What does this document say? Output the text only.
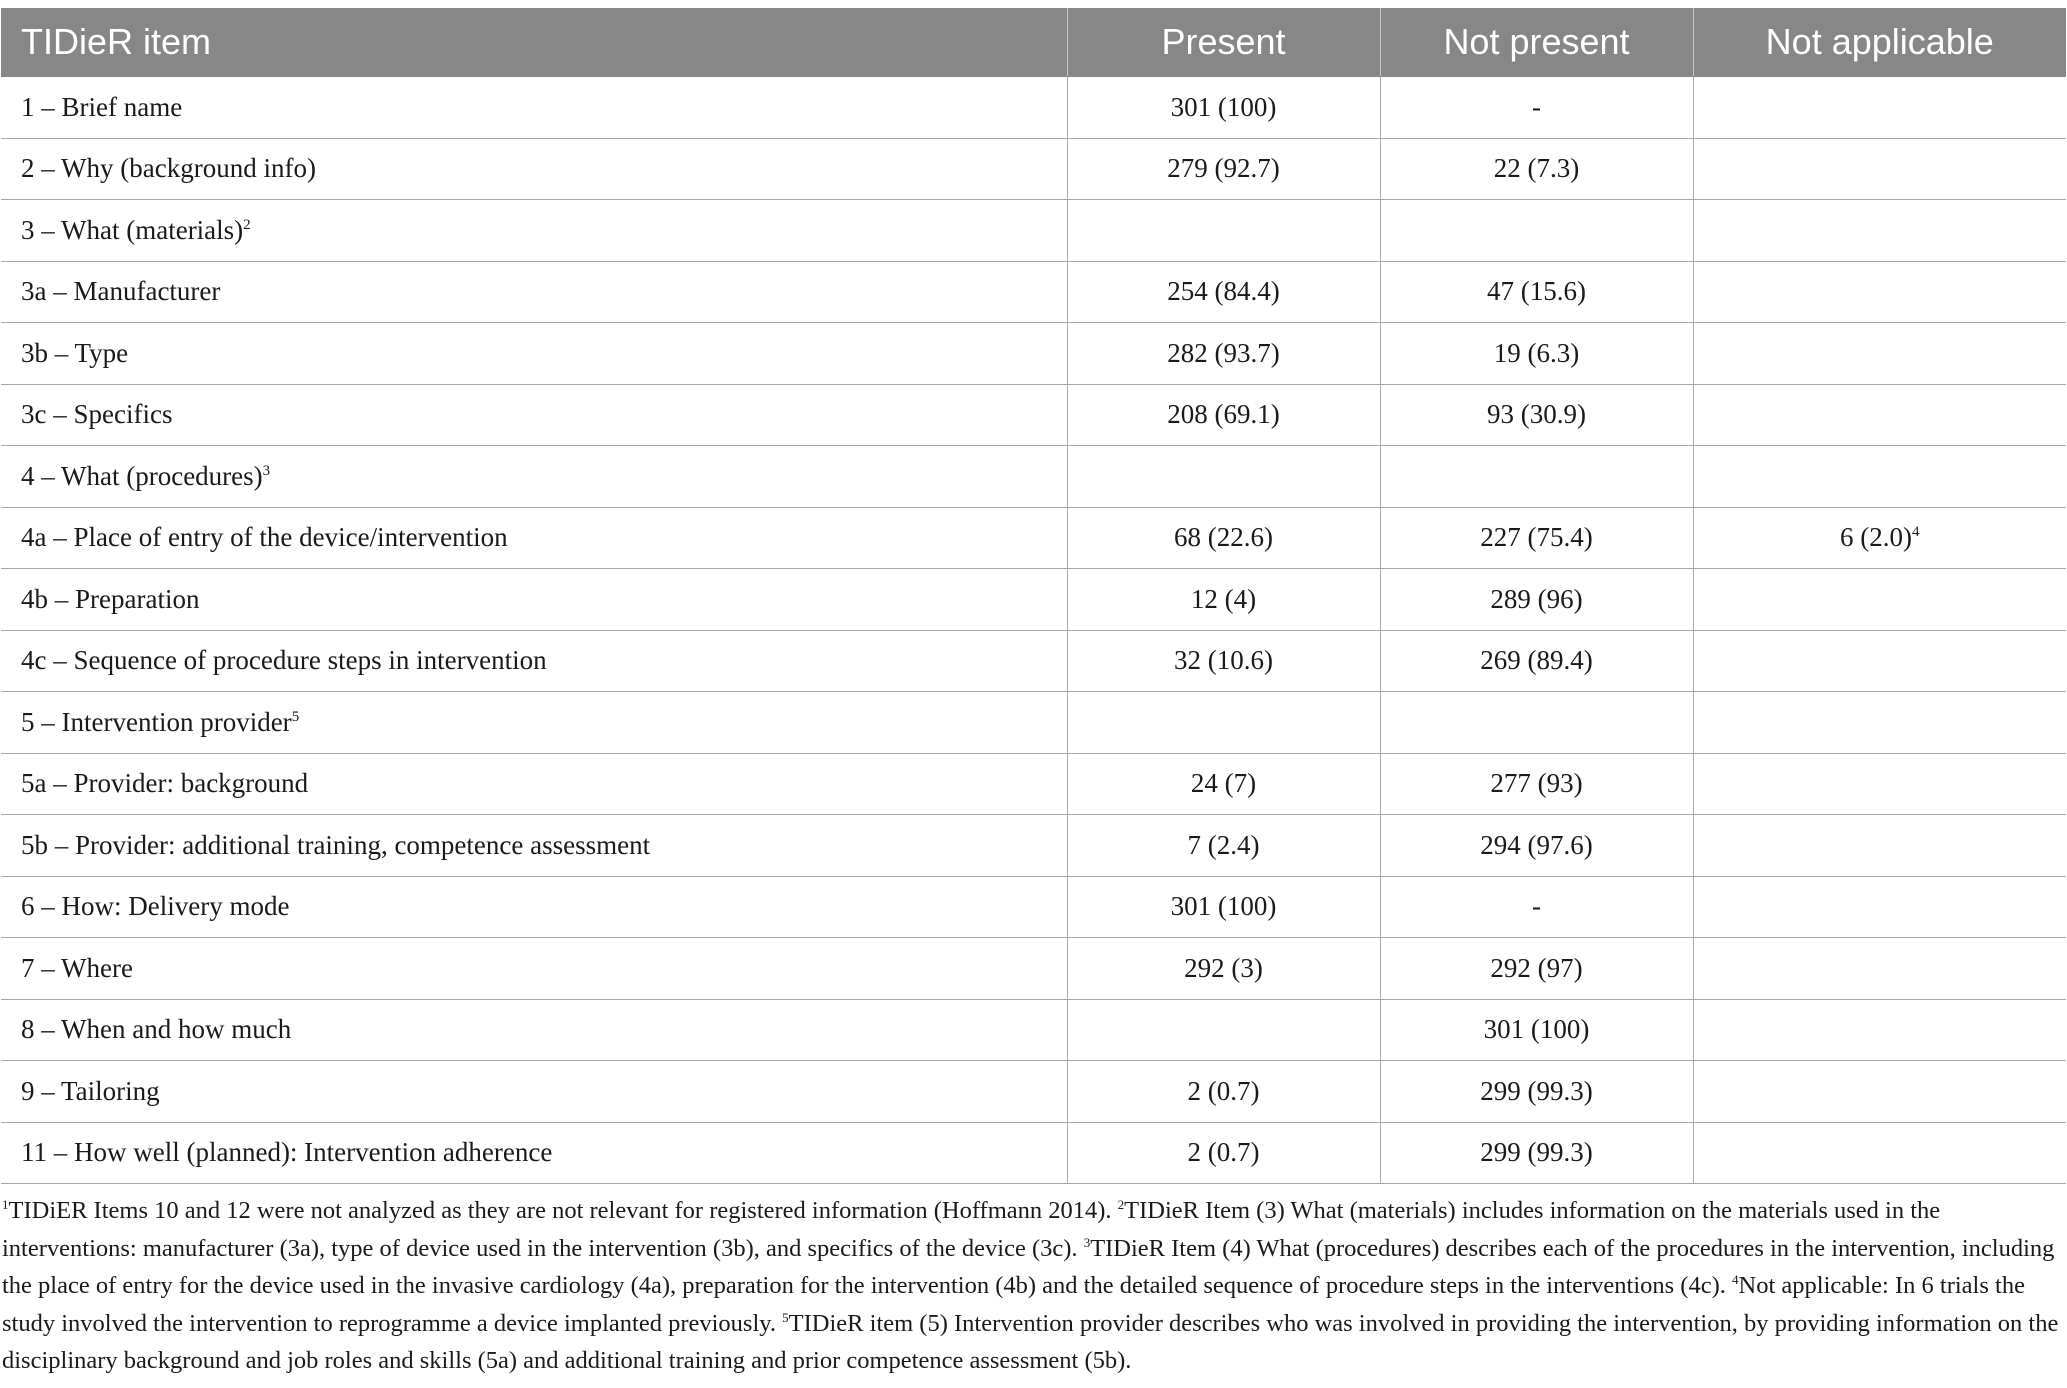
TIDieR item	Present	Not present	Not applicable
1 – Brief name	301 (100)	-	
2 – Why (background info)	279 (92.7)	22 (7.3)	
3 – What (materials)$^2$			
3a – Manufacturer	254 (84.4)	47 (15.6)	
3b – Type	282 (93.7)	19 (6.3)	
3c – Specifics	208 (69.1)	93 (30.9)	
4 – What (procedures)$^3$			
4a – Place of entry of the device/intervention	68 (22.6)	227 (75.4)	6 $(2.0)^4$
4b – Preparation	12 (4)	289 (96)	
4c – Sequence of procedure steps in intervention	32 (10.6)	269 (89.4)	
5 – Intervention provider$^5$			
5a – Provider: background	24 (7)	277 (93)	
5b – Provider: additional training, competence assessment	7 (2.4)	294 (97.6)	
6 – How: Delivery mode	301 (100)	-	
7 – Where	292 (3)	292 (97)	
8 – When and how much		301 (100)	
9 – Tailoring	2 (0.7)	299 (99.3)	
11 – How well (planned): Intervention adherence	2 (0.7)	299 (99.3)	
$^1$TIDiER Items 10 and 12 were not analyzed as they are not relevant for registered information (Hoffmann 2014). $^2$TIDieR Item (3) What (materials) includes information on the materials used in the interventions: manufacturer (3a), type of device used in the intervention (3b), and specifics of the device (3c). $^3$TIDieR Item (4) What (procedures) describes each of the procedures in the intervention, including the place of entry for the device used in the invasive cardiology (4a), preparation for the intervention (4b) and the detailed sequence of procedure steps in the interventions (4c). $^4$Not applicable: In 6 trials the study involved the intervention to reprogramme a device implanted previously. $^5$TIDieR item (5) Intervention provider describes who was involved in providing the intervention, by providing information on the disciplinary background and job roles and skills (5a) and additional training and prior competence assessment (5b).
